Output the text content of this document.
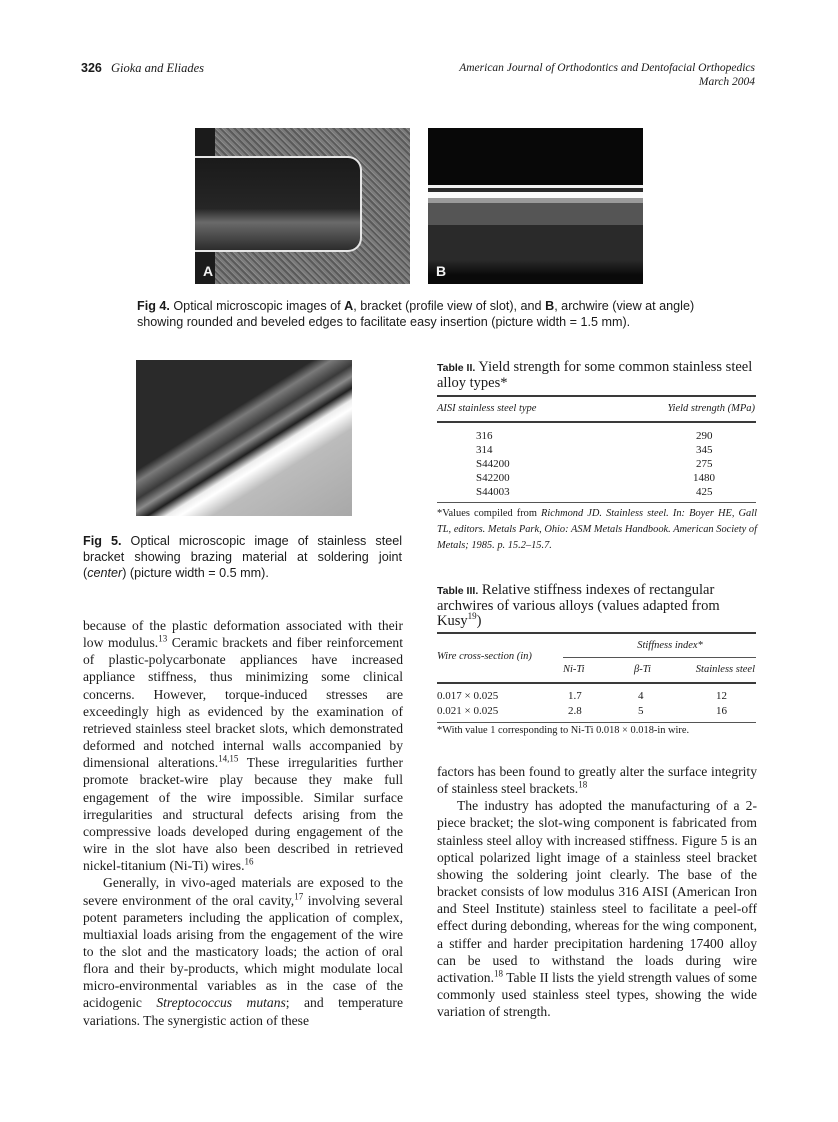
326 Gioka and Eliades	American Journal of Orthodontics and Dentofacial Orthopedics
March 2004
A	B
Fig 4. Optical microscopic images of A, bracket (profile view of slot), and B, archwire (view at angle) showing rounded and beveled edges to facilitate easy insertion (picture width = 1.5 mm).
Fig 5. Optical microscopic image of stainless steel bracket showing brazing material at soldering joint (center) (picture width = 0.5 mm).
Table II. Yield strength for some common stainless steel alloy types*
AISI stainless steel type	Yield strength (MPa)
316	290
314	345
S44200	275
S42200	1480
S44003	425
*Values compiled from Richmond JD. Stainless steel. In: Boyer HE, Gall TL, editors. Metals Park, Ohio: ASM Metals Handbook. American Society of Metals; 1985. p. 15.2–15.7.
Table III. Relative stiffness indexes of rectangular archwires of various alloys (values adapted from Kusy$^{19}$)
Stiffness index*
Wire cross-section (in)
Ni-Ti	β-Ti	Stainless steel
0.017 × 0.025	1.7	4	12
0.021 × 0.025	2.8	5	16
*With value 1 corresponding to Ni-Ti 0.018 × 0.018-in wire.

because of the plastic deformation associated with their low modulus.$^{13}$ Ceramic brackets and fiber reinforcement of plastic-polycarbonate appliances have increased appliance stiffness, thus minimizing some clinical concerns. However, torque-induced stresses are exceedingly high as evidenced by the examination of retrieved stainless steel bracket slots, which demonstrated deformed and notched internal walls accompanied by dimensional alterations.$^{14,15}$ These irregularities further promote bracket-wire play because they make full engagement of the wire impossible. Similar surface irregularities and structural defects arising from the compressive loads developed during engagement of the wire in the slot have also been described in retrieved nickel-titanium (Ni-Ti) wires.$^{16}$

Generally, in vivo-aged materials are exposed to the severe environment of the oral cavity,$^{17}$ involving several potent parameters including the application of complex, multiaxial loads arising from the engagement of the wire to the slot and the masticatory loads; the action of oral flora and their by-products, which might modulate local micro-environmental variables as in the case of the acidogenic Streptococcus mutans; and temperature variations. The synergistic action of these

factors has been found to greatly alter the surface integrity of stainless steel brackets.$^{18}$

The industry has adopted the manufacturing of a 2-piece bracket; the slot-wing component is fabricated from stainless steel alloy with increased stiffness. Figure 5 is an optical polarized light image of a stainless steel bracket showing the soldering joint clearly. The base of the bracket consists of low modulus 316 AISI (American Iron and Steel Institute) stainless steel to facilitate a peel-off effect during debonding, whereas for the wing component, a stiffer and harder precipitation hardening 17400 alloy can be used to withstand the loads during wire activation.$^{18}$ Table II lists the yield strength values of some commonly used stainless steel types, showing the wide variation of strength.
